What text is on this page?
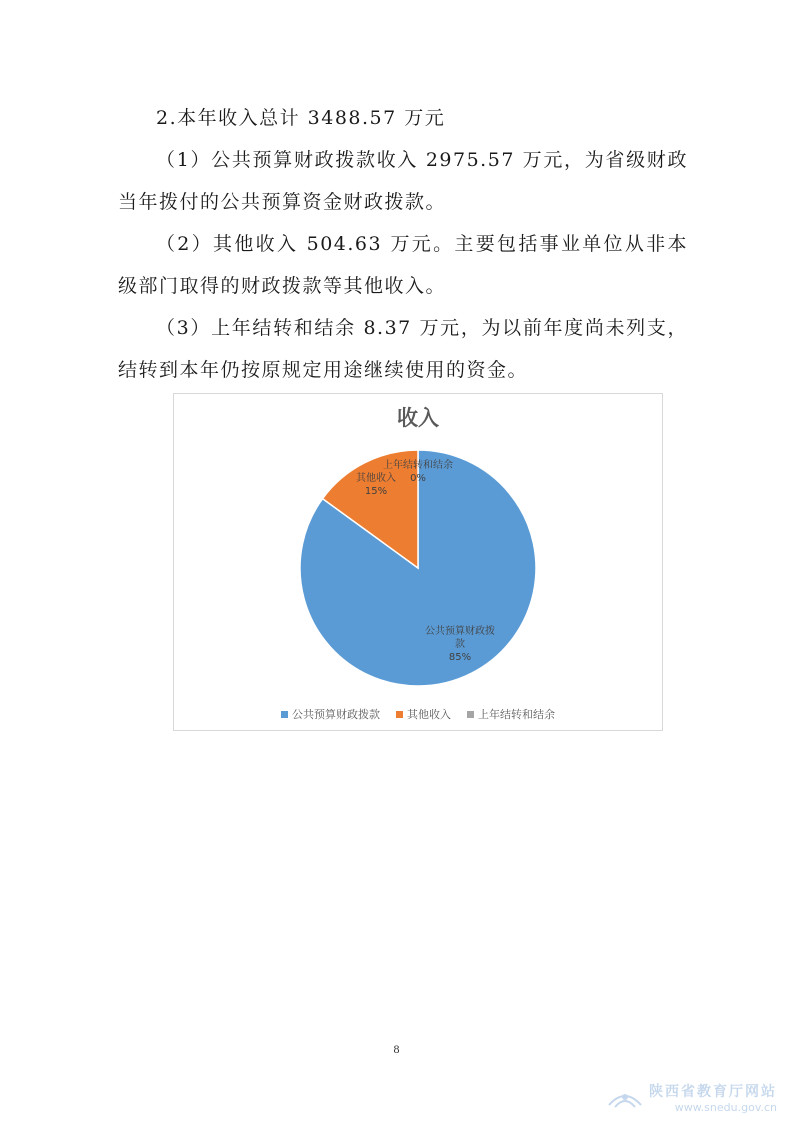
2.本年收入总计 3488.57 万元

（1）公共预算财政拨款收入 2975.57 万元，为省级财政当年拨付的公共预算资金财政拨款。

（2）其他收入 504.63 万元。主要包括事业单位从非本级部门取得的财政拨款等其他收入。

（3）上年结转和结余 8.37 万元，为以前年度尚未列支，结转到本年仍按原规定用途继续使用的资金。

收入
公共预算财政拨
款
85%
其他收入
15%
上年结转和结余
0%
公共预算财政拨款 其他收入 上年结转和结余
8
陕西省教育厅网站
www.snedu.gov.cn
